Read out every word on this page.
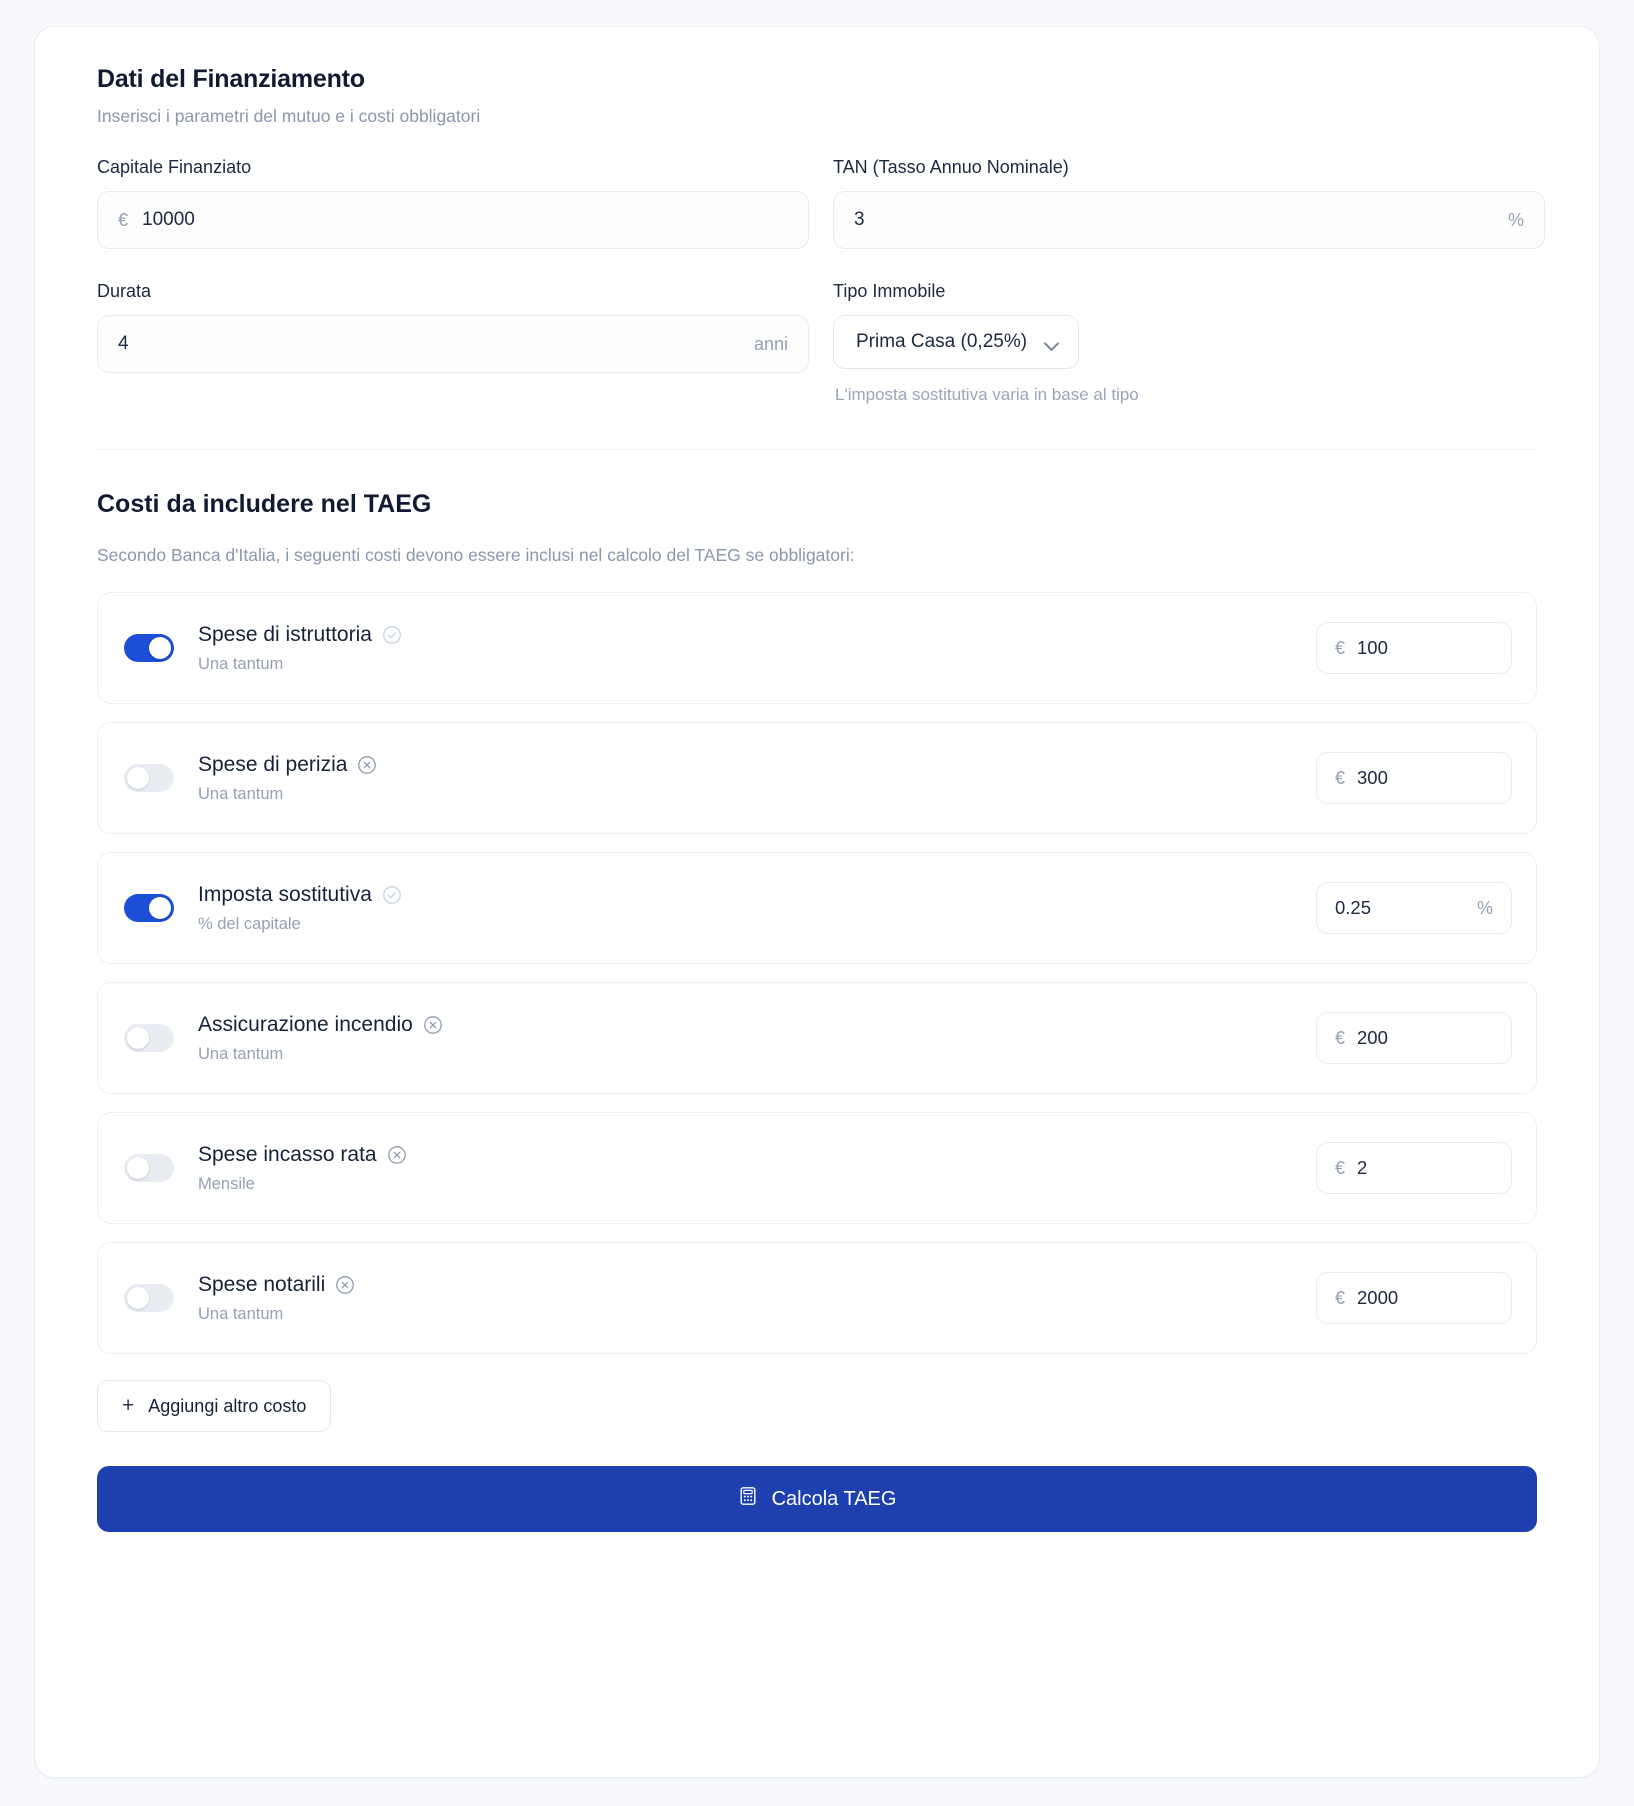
Dati del Finanziamento

Inserisci i parametri del mutuo e i costi obbligatori

Capitale Finanziato
€
10000
TAN (Tasso Annuo Nominale)
3
%
Durata
4
anni
Tipo Immobile
Prima Casa (0,25%)
L'imposta sostitutiva varia in base al tipo
Costi da includere nel TAEG

Secondo Banca d'Italia, i seguenti costi devono essere inclusi nel calcolo del TAEG se obbligatori:

Spese di istruttoria
Una tantum
€
100
Spese di perizia
Una tantum
€
300
Imposta sostitutiva
% del capitale
0.25
%
Assicurazione incendio
Una tantum
€
200
Spese incasso rata
Mensile
€
2
Spese notarili
Una tantum
€
2000
+ Aggiungi altro costo
Calcola TAEG
